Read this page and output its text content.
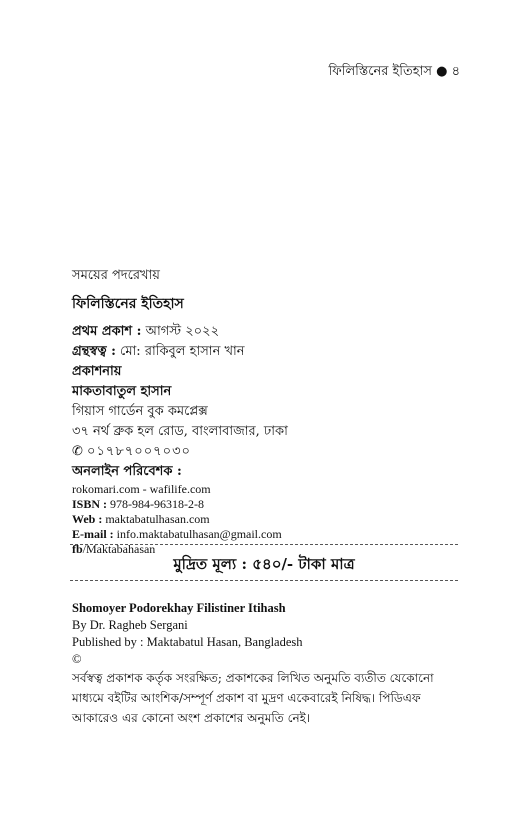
ফিলিস্তিনের ইতিহাস ● ৪
সময়ের পদরেখায়
ফিলিস্তিনের ইতিহাস
প্রথম প্রকাশ : আগস্ট ২০২২
গ্রন্থস্বত্ব : মো: রাকিবুল হাসান খান
প্রকাশনায়
মাকতাবাতুল হাসান
গিয়াস গার্ডেন বুক কমপ্লেক্স
৩৭ নর্থ ব্রুক হল রোড, বাংলাবাজার, ঢাকা
✆ ০১৭৮৭০০৭০৩০
অনলাইন পরিবেশক :
rokomari.com - wafilife.com
ISBN : 978-984-96318-2-8
Web : maktabatulhasan.com
E-mail : info.maktabatulhasan@gmail.com
fb/Maktabahasan
মুদ্রিত মূল্য : ৫৪০/- টাকা মাত্র
Shomoyer Podorekhay Filistiner Itihash
By Dr. Ragheb Sergani
Published by : Maktabatul Hasan, Bangladesh
©
সর্বস্বত্ব প্রকাশক কর্তৃক সংরক্ষিত; প্রকাশকের লিখিত অনুমতি ব্যতীত যেকোনো মাধ্যমে বইটির আংশিক/সম্পূর্ণ প্রকাশ বা মুদ্রণ একেবারেই নিষিদ্ধ। পিডিএফ আকারেও এর কোনো অংশ প্রকাশের অনুমতি নেই।
